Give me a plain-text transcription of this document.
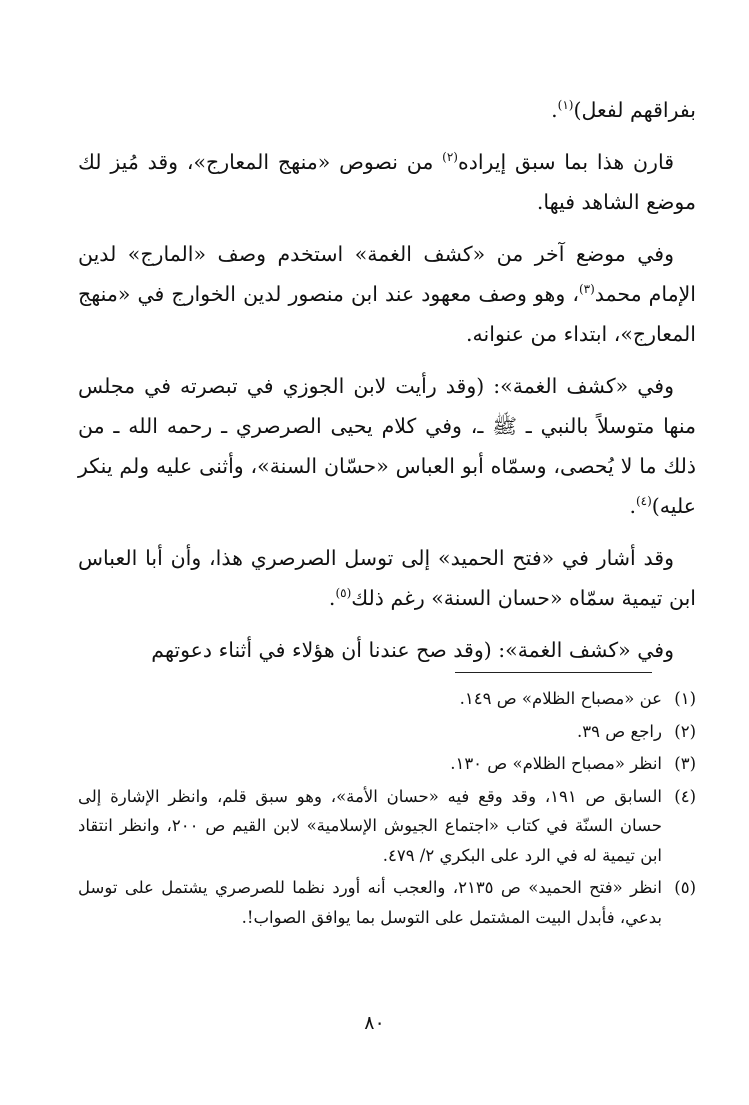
بفراقهم لفعل)$^{(١)}$.

قارن هذا بما سبق إيراده$^{(٢)}$ من نصوص «منهج المعارج»، وقد مُيز لك موضع الشاهد فيها.

وفي موضع آخر من «كشف الغمة» استخدم وصف «المارج» لدين الإمام محمد$^{(٣)}$، وهو وصف معهود عند ابن منصور لدين الخوارج في «منهج المعارج»، ابتداء من عنوانه.

وفي «كشف الغمة»: (وقد رأيت لابن الجوزي في تبصرته في مجلس منها متوسلاً بالنبي ـ ﷺ ـ، وفي كلام يحيى الصرصري ـ رحمه الله ـ من ذلك ما لا يُحصى، وسمّاه أبو العباس «حسّان السنة»، وأثنى عليه ولم ينكر عليه)$^{(٤)}$.

وقد أشار في «فتح الحميد» إلى توسل الصرصري هذا، وأن أبا العباس ابن تيمية سمّاه «حسان السنة» رغم ذلك$^{(٥)}$.

وفي «كشف الغمة»: (وقد صح عندنا أن هؤلاء في أثناء دعوتهم

(١)
عن «مصباح الظلام» ص ١٤٩.
(٢)
راجع ص ٣٩.
(٣)
انظر «مصباح الظلام» ص ١٣٠.
(٤)
السابق ص ١٩١، وقد وقع فيه «حسان الأمة»، وهو سبق قلم، وانظر الإشارة إلى حسان السنّة في كتاب «اجتماع الجيوش الإسلامية» لابن القيم ص ٢٠٠، وانظر انتقاد ابن تيمية له في الرد على البكري ٢/ ٤٧٩.
(٥)
انظر «فتح الحميد» ص ٢١٣٥، والعجب أنه أورد نظما للصرصري يشتمل على توسل بدعي، فأبدل البيت المشتمل على التوسل بما يوافق الصواب!.
٨٠
